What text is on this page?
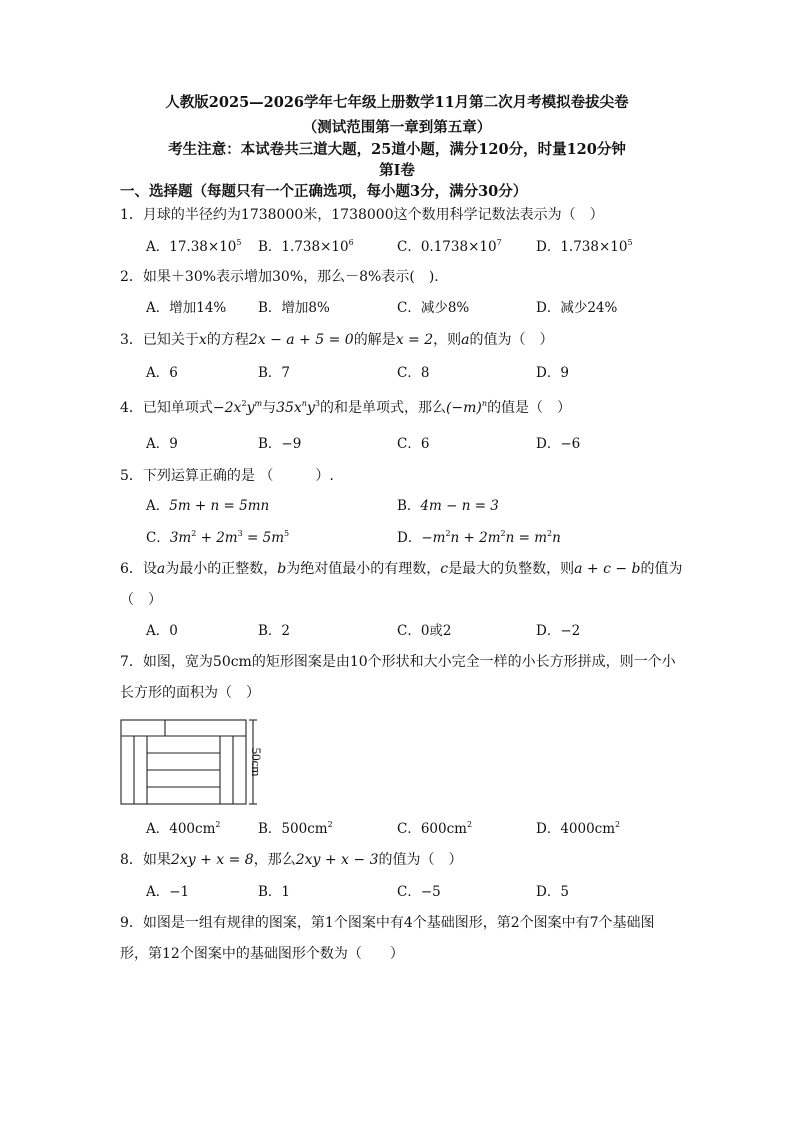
人教版2025—2026学年七年级上册数学11月第二次月考模拟卷拔尖卷
（测试范围第一章到第五章）
考生注意：本试卷共三道大题，25道小题，满分120分，时量120分钟
第Ⅰ卷
一、选择题（每题只有一个正确选项，每小题3分，满分30分）
1．月球的半径约为1738000米，1738000这个数用科学记数法表示为（　）
A．$17.38\times 10^5$ B．$1.738\times 10^6$	C．$0.1738\times 10^7$	D．$1.738\times 10^5$
2．如果＋30%表示增加30%，那么－8%表示(　).
A．增加14% B．增加8%	C．减少8%	D．减少24%
3．已知关于x的方程2x − a + 5 = 0的解是x = 2，则a的值为（　）
A．6	B．7	C．8	D．9
4．已知单项式$-2x^2y^m$与$35x^ny^3$的和是单项式，那么$(-m)^n$的值是（　）
A．9	B．−9	C．6	D．−6
5．下列运算正确的是 （　　　）.
A．5m + n = 5mn	B．4m − n = 3
C．$3m^2 + 2m^3 = 5m^5$	D．$-m^2n + 2m^2n = m^2n$
6．设a为最小的正整数，b为绝对值最小的有理数，c是最大的负整数，则a + c − b的值为
（　）
A．0	B．2	C．0或2	D．−2
7．如图，宽为50cm的矩形图案是由10个形状和大小完全一样的小长方形拼成，则一个小
长方形的面积为（　）
50cm
A．$400cm^2$	B．$500cm^2$	C．$600cm^2$	D．$4000cm^2$
8．如果2xy + x = 8，那么2xy + x − 3的值为（　）
A．−1	B．1	C．−5	D．5
9．如图是一组有规律的图案，第1个图案中有4个基础图形，第2个图案中有7个基础图
形，第12个图案中的基础图形个数为（　　）
